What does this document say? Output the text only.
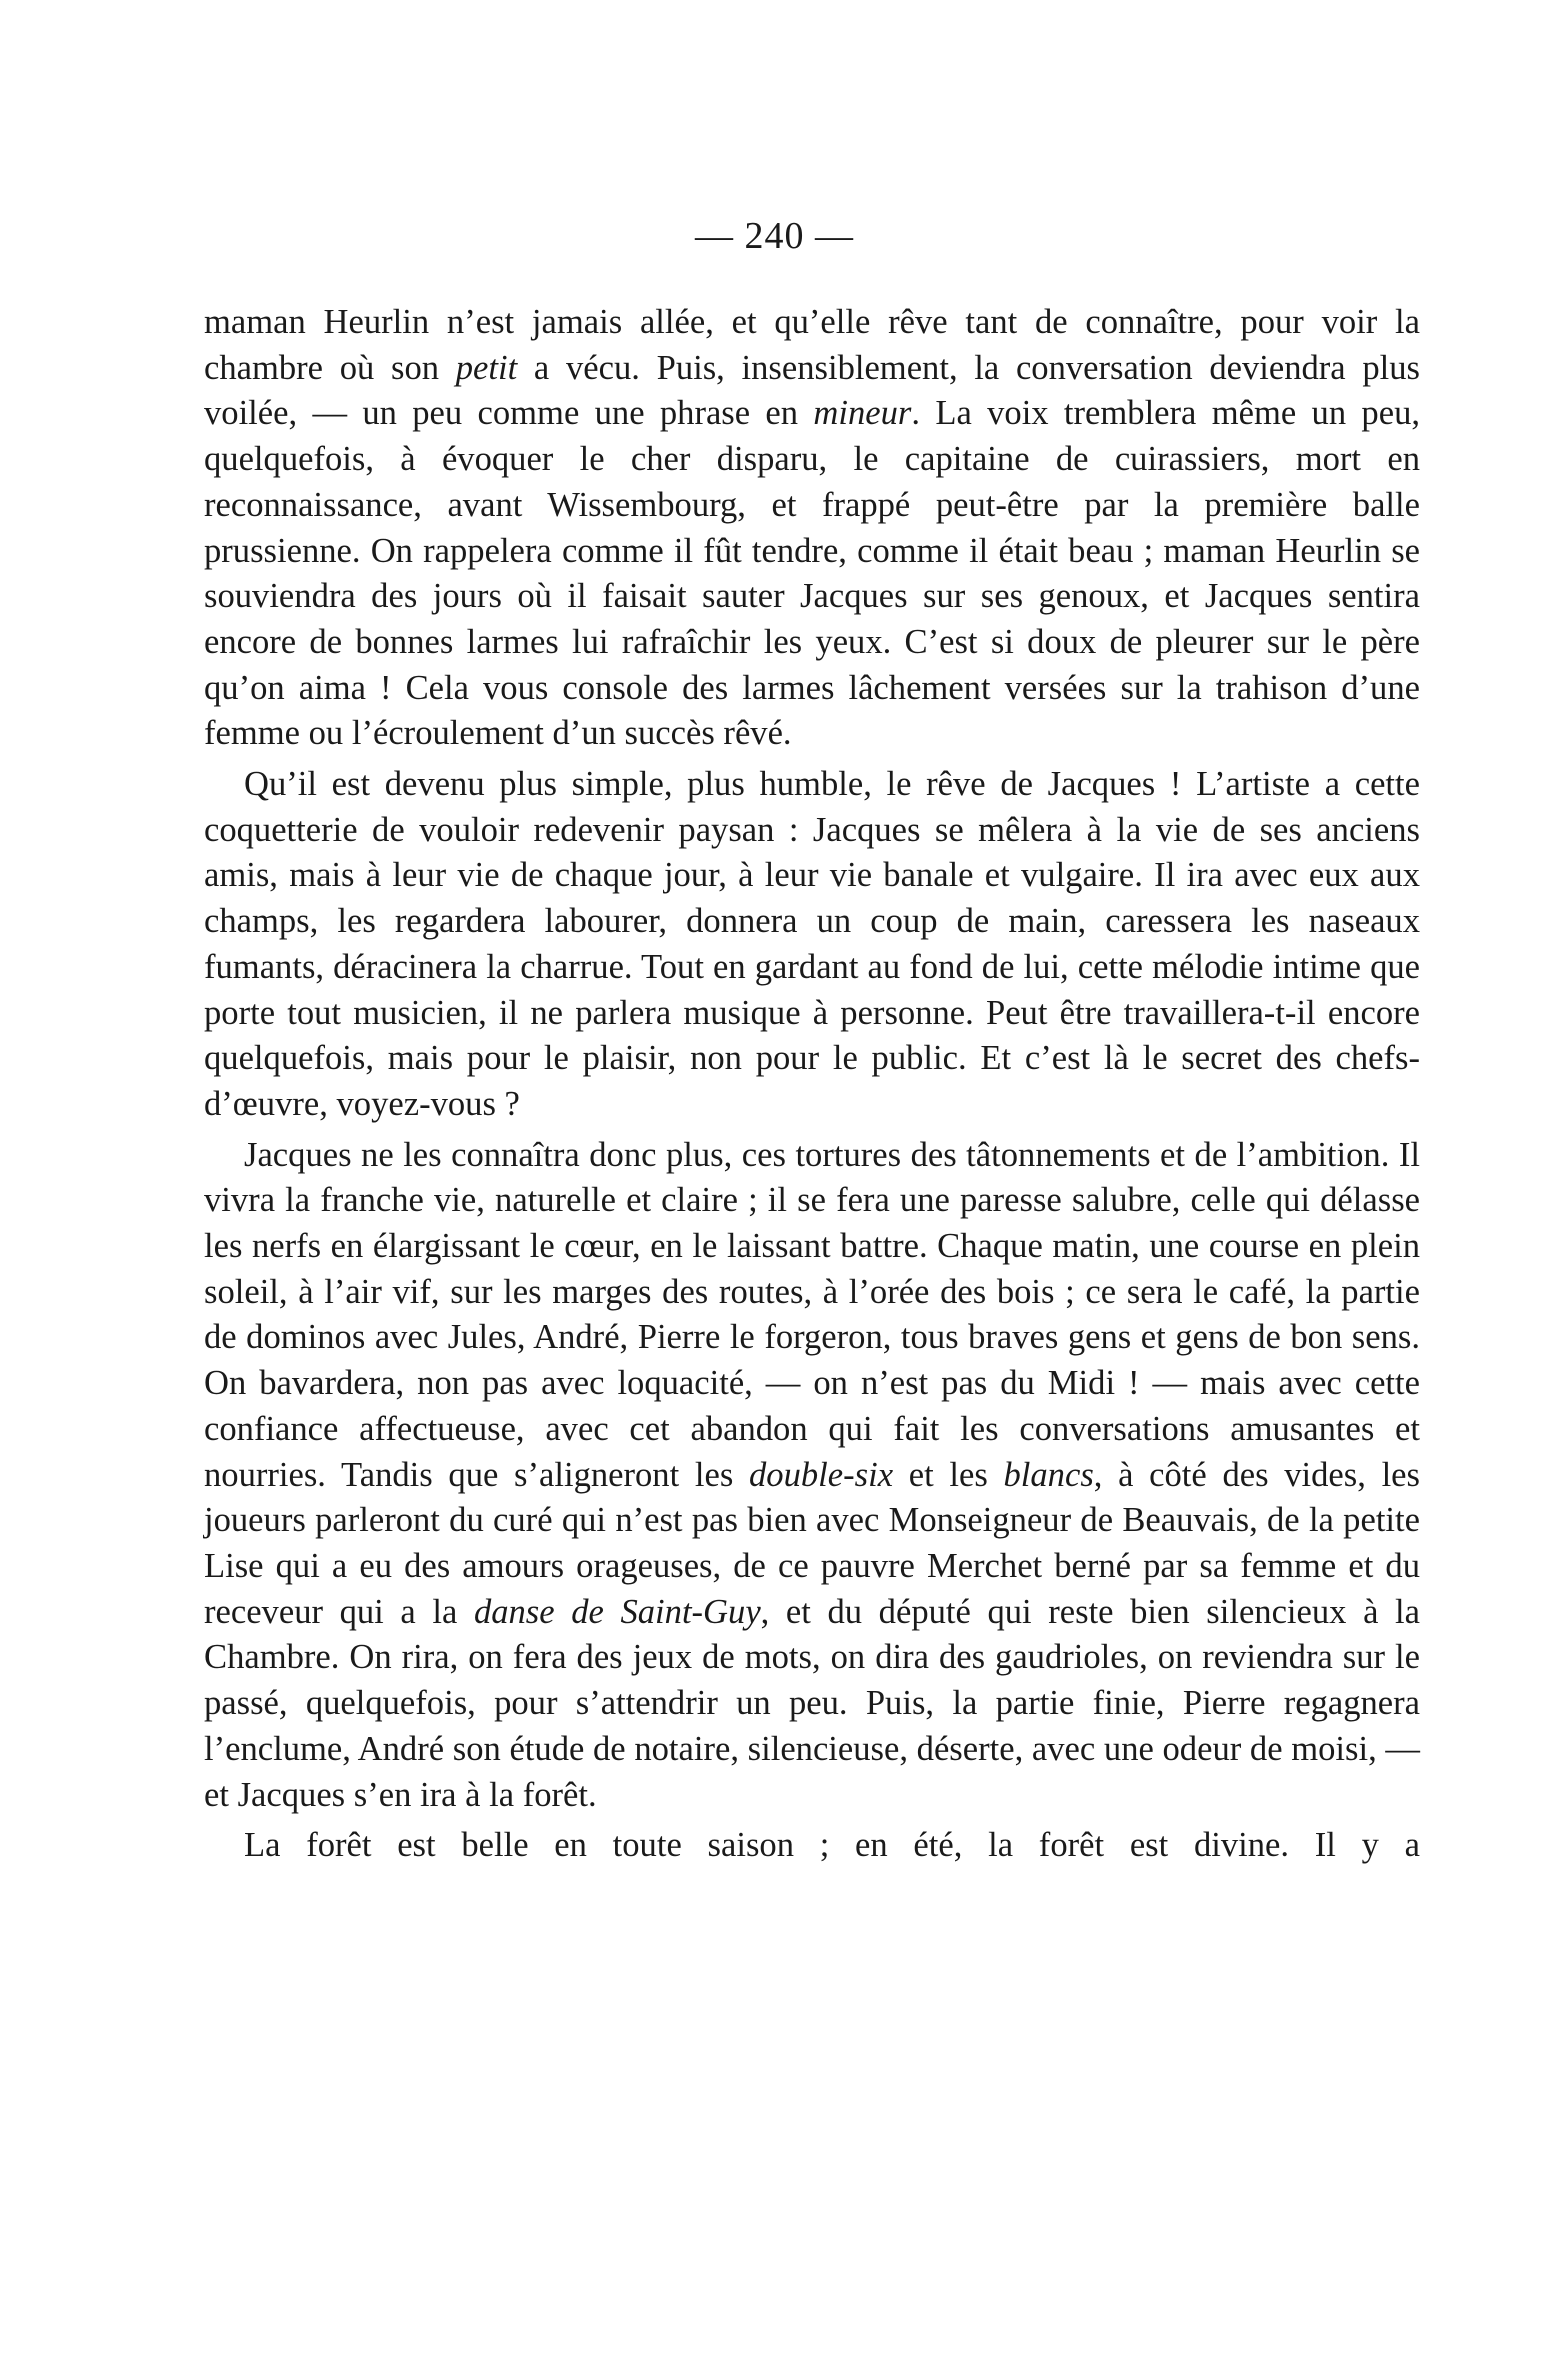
— 240 —

maman Heurlin n’est jamais allée, et qu’elle rêve tant de connaître, pour voir la chambre où son petit a vécu. Puis, insensiblement, la conversation deviendra plus voilée, — un peu comme une phrase en mineur. La voix tremblera même un peu, quelquefois, à évoquer le cher disparu, le capitaine de cuirassiers, mort en reconnaissance, avant Wissembourg, et frappé peut-être par la première balle prussienne. On rappelera comme il fût tendre, comme il était beau ; maman Heurlin se souviendra des jours où il faisait sauter Jacques sur ses genoux, et Jacques sentira encore de bonnes larmes lui rafraîchir les yeux. C’est si doux de pleurer sur le père qu’on aima ! Cela vous console des larmes lâchement versées sur la trahison d’une femme ou l’écroulement d’un succès rêvé.

Qu’il est devenu plus simple, plus humble, le rêve de Jacques ! L’artiste a cette coquetterie de vouloir redevenir paysan : Jacques se mêlera à la vie de ses anciens amis, mais à leur vie de chaque jour, à leur vie banale et vulgaire. Il ira avec eux aux champs, les regardera labourer, donnera un coup de main, caressera les naseaux fumants, déracinera la charrue. Tout en gardant au fond de lui, cette mélodie intime que porte tout musicien, il ne parlera musique à personne. Peut être travaillera-t-il encore quelquefois, mais pour le plaisir, non pour le public. Et c’est là le secret des chefs-d’œuvre, voyez-vous ?

Jacques ne les connaîtra donc plus, ces tortures des tâtonnements et de l’ambition. Il vivra la franche vie, naturelle et claire ; il se fera une paresse salubre, celle qui délasse les nerfs en élargissant le cœur, en le laissant battre. Chaque matin, une course en plein soleil, à l’air vif, sur les marges des routes, à l’orée des bois ; ce sera le café, la partie de dominos avec Jules, André, Pierre le forgeron, tous braves gens et gens de bon sens. On bavardera, non pas avec loquacité, — on n’est pas du Midi ! — mais avec cette confiance affectueuse, avec cet abandon qui fait les conversations amusantes et nourries. Tandis que s’aligneront les double-six et les blancs, à côté des vides, les joueurs parleront du curé qui n’est pas bien avec Monseigneur de Beauvais, de la petite Lise qui a eu des amours orageuses, de ce pauvre Merchet berné par sa femme et du receveur qui a la danse de Saint-Guy, et du député qui reste bien silencieux à la Chambre. On rira, on fera des jeux de mots, on dira des gaudrioles, on reviendra sur le passé, quelquefois, pour s’attendrir un peu. Puis, la partie finie, Pierre regagnera l’enclume, André son étude de notaire, silencieuse, déserte, avec une odeur de moisi, — et Jacques s’en ira à la forêt.

La forêt est belle en toute saison ; en été, la forêt est divine. Il y a
